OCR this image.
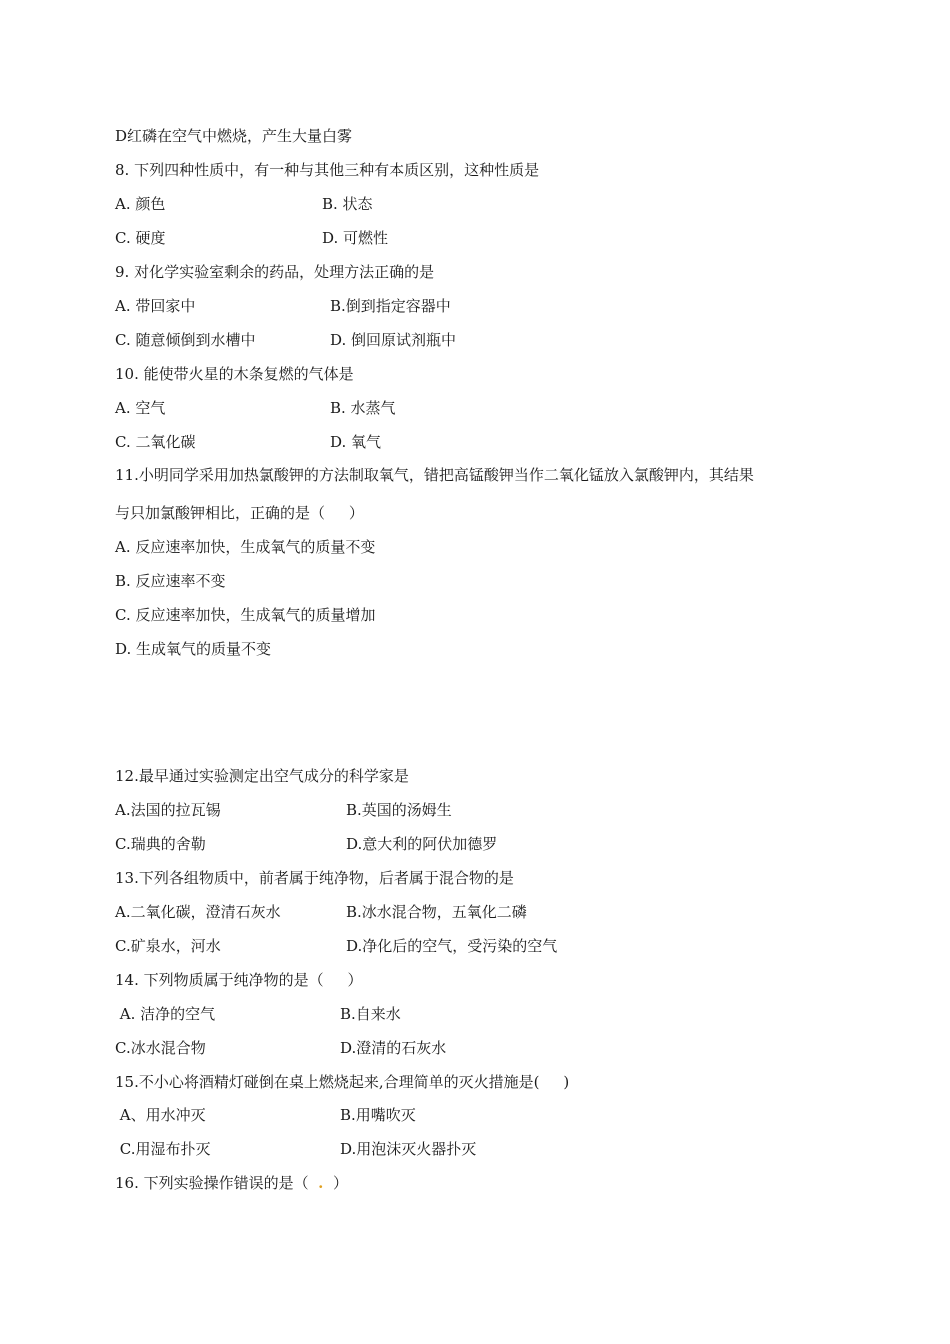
D红磷在空气中燃烧，产生大量白雾
8. 下列四种性质中，有一种与其他三种有本质区别，这种性质是
A. 颜色	B. 状态
C. 硬度	D. 可燃性
9. 对化学实验室剩余的药品，处理方法正确的是
A. 带回家中	B.倒到指定容器中
C. 随意倾倒到水槽中	D. 倒回原试剂瓶中
10. 能使带火星的木条复燃的气体是
A. 空气	B. 水蒸气
C. 二氧化碳	D. 氧气
11.小明同学采用加热氯酸钾的方法制取氧气，错把高锰酸钾当作二氧化锰放入氯酸钾内，其结果
与只加氯酸钾相比，正确的是（     ）
A. 反应速率加快，生成氧气的质量不变
B. 反应速率不变
C. 反应速率加快，生成氧气的质量增加
D. 生成氧气的质量不变
12.最早通过实验测定出空气成分的科学家是
A.法国的拉瓦锡	B.英国的汤姆生
C.瑞典的舍勒	D.意大利的阿伏加德罗
13.下列各组物质中，前者属于纯净物，后者属于混合物的是
A.二氧化碳，澄清石灰水	B.冰水混合物，五氧化二磷
C.矿泉水，河水	D.净化后的空气，受污染的空气
14. 下列物质属于纯净物的是（     ）
A. 洁净的空气	B.自来水
C.冰水混合物	D.澄清的石灰水
15.不小心将酒精灯碰倒在桌上燃烧起来,合理简单的灭火措施是(     )
A、用水冲灭	B.用嘴吹灭
C.用湿布扑灭	D.用泡沫灭火器扑灭
16. 下列实验操作错误的是（  .  ）
